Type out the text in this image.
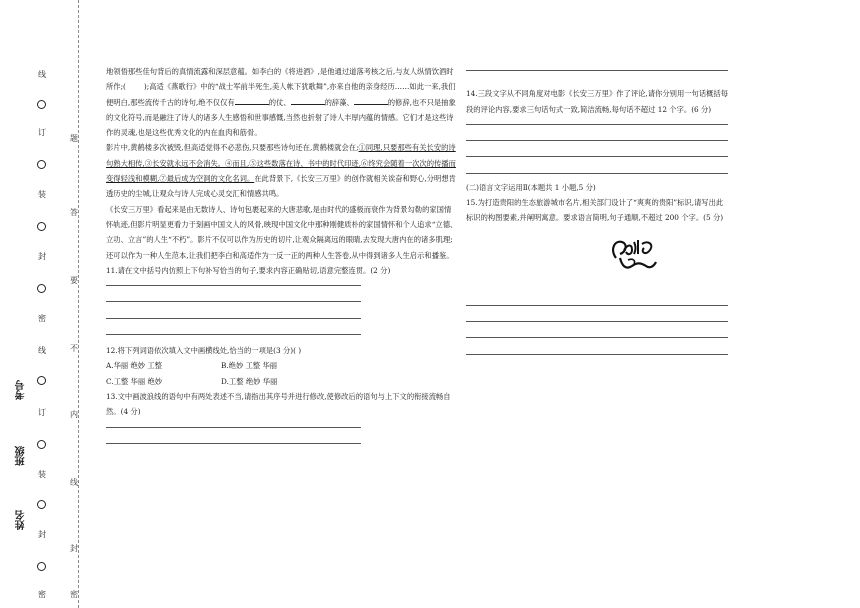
线
订
装
封
密
线
订
装
封
密
题
答
要
不
内
线
封
密
考号
班级
姓名

地领悟那些佳句背后的真情流露和深层意蕴。如李白的《将进酒》,是他通过道落考核之后,与友人纵情饮酒时所作;( );高适《燕歌行》中的“战士军前半死生,美人帐下犹歌舞”,亦来自他的亲身经历……如此一来,我们便明白,那些流传千古的诗句,绝不仅仅有	的仗、	的辞藻、	的修辞,也不只是抽象的文化符号,而是融注了诗人的诸多人生感悟和世事感慨,当然也折射了诗人丰厚内蕴的情感。它们才是这些诗作的灵魂,也是这些优秀文化的内在血肉和筋骨。

影片中,黄鹤楼多次被毁,但高适觉得不必悲伤,只要那些诗句还在,黄鹤楼就会在;①同理,只要那些有关长安的诗句熟大相传,③长安就永远不会消失。④而且,⑤这些数落在诗、书中的时代印迹,⑥终究会随着一次次的传播而变得轻浅和模糊,⑦最后成为空洞的文化名词。在此背景下,《长安三万里》的创作就相关诶奋和野心,分明想肯透历史的尘城,让观众与诗人完成心灵交汇和情感共鸣。

《长安三万里》看起来是由无数诗人、诗句包裹起来的大唐悲歌,是由时代的盛极而衰作为背景勾勒的家国情怀轨迹,但影片明显更看力于刻画中国文人的风骨,映现中国文化中那种刚健质朴的家国情怀和个人追求“立德、立功、立言”的人生“不朽”。影片不仅可以作为历史的切片,让观众隔离远的眼睛,去发现大唐内在的诸多肌理;还可以作为一种人生范本,让我们把李白和高适作为一反一正的两种人生答卷,从中得到诸多人生启示和播鉴。

11.请在文中括号内仿照上下句补写恰当的句子,要求内容正确贴切,语意完整连贯。(2 分)

12.将下列词语依次填入文中画横线处,恰当的一项是(3 分)( )

A.华丽 绝妙 工整	B.绝妙 工整 华丽
C.工整 华丽 绝妙	D.工整 绝妙 华丽

13.文中画波浪线的语句中有两处表述不当,请指出其序号并进行修改,使修改后的语句与上下文的衔接流畅自然。(4 分)

14.三段文字从不同角度对电影《长安三万里》作了评论,请你分别用一句话概括每段的评论内容,要求三句话句式一致,简洁流畅,每句话不超过 12 个字。(6 分)

(二)语言文字运用Ⅱ(本题共 1 小题,5 分)

15.为打造贵阳的生态旅游城市名片,相关部门设计了“爽爽的贵阳”标识,请写出此标识的构图要素,并阐明寓意。要求语言简明,句子通顺,不超过 200 个字。(5 分)
